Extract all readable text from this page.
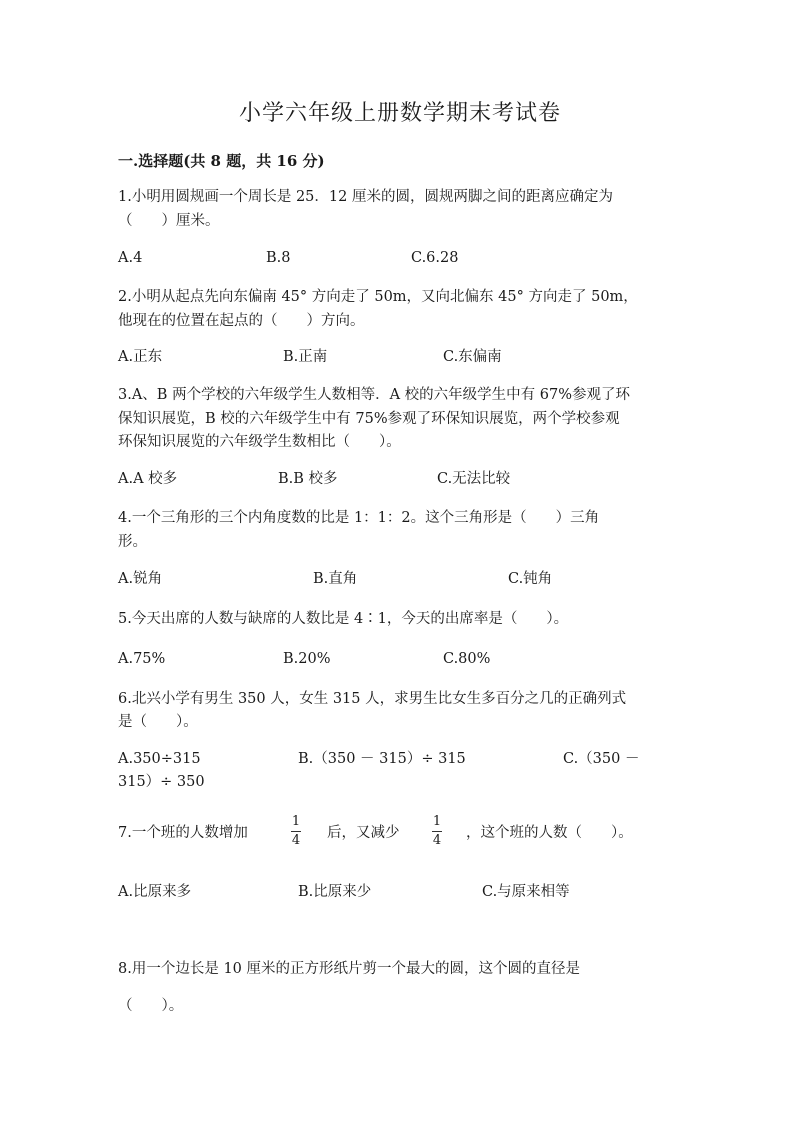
小学六年级上册数学期末考试卷
一.选择题(共 8 题，共 16 分)
1.小明用圆规画一个周长是 25．12 厘米的圆，圆规两脚之间的距离应确定为
（　　）厘米。
A.4	B.8	C.6.28
2.小明从起点先向东偏南 45° 方向走了 50m，又向北偏东 45° 方向走了 50m，
他现在的位置在起点的（　　）方向。
A.正东	B.正南	C.东偏南
3.A、B 两个学校的六年级学生人数相等．A 校的六年级学生中有 67%参观了环
保知识展览，B 校的六年级学生中有 75%参观了环保知识展览，两个学校参观
环保知识展览的六年级学生数相比（　　）。
A.A 校多	B.B 校多	C.无法比较
4.一个三角形的三个内角度数的比是 1：1：2。这个三角形是（　　）三角
形。
A.锐角	B.直角	C.钝角
5.今天出席的人数与缺席的人数比是 4∶1，今天的出席率是（　　）。
A.75%	B.20%	C.80%
6.北兴小学有男生 350 人，女生 315 人，求男生比女生多百分之几的正确列式
是（　　）。
A.350÷315	B.（350 － 315）÷ 315	C.（350 －
315）÷ 350
7.一个班的人数增加
1
4 后，又减少
1
4 ，这个班的人数（　　）。
A.比原来多	B.比原来少	C.与原来相等
8.用一个边长是 10 厘米的正方形纸片剪一个最大的圆，这个圆的直径是
（　　）。
